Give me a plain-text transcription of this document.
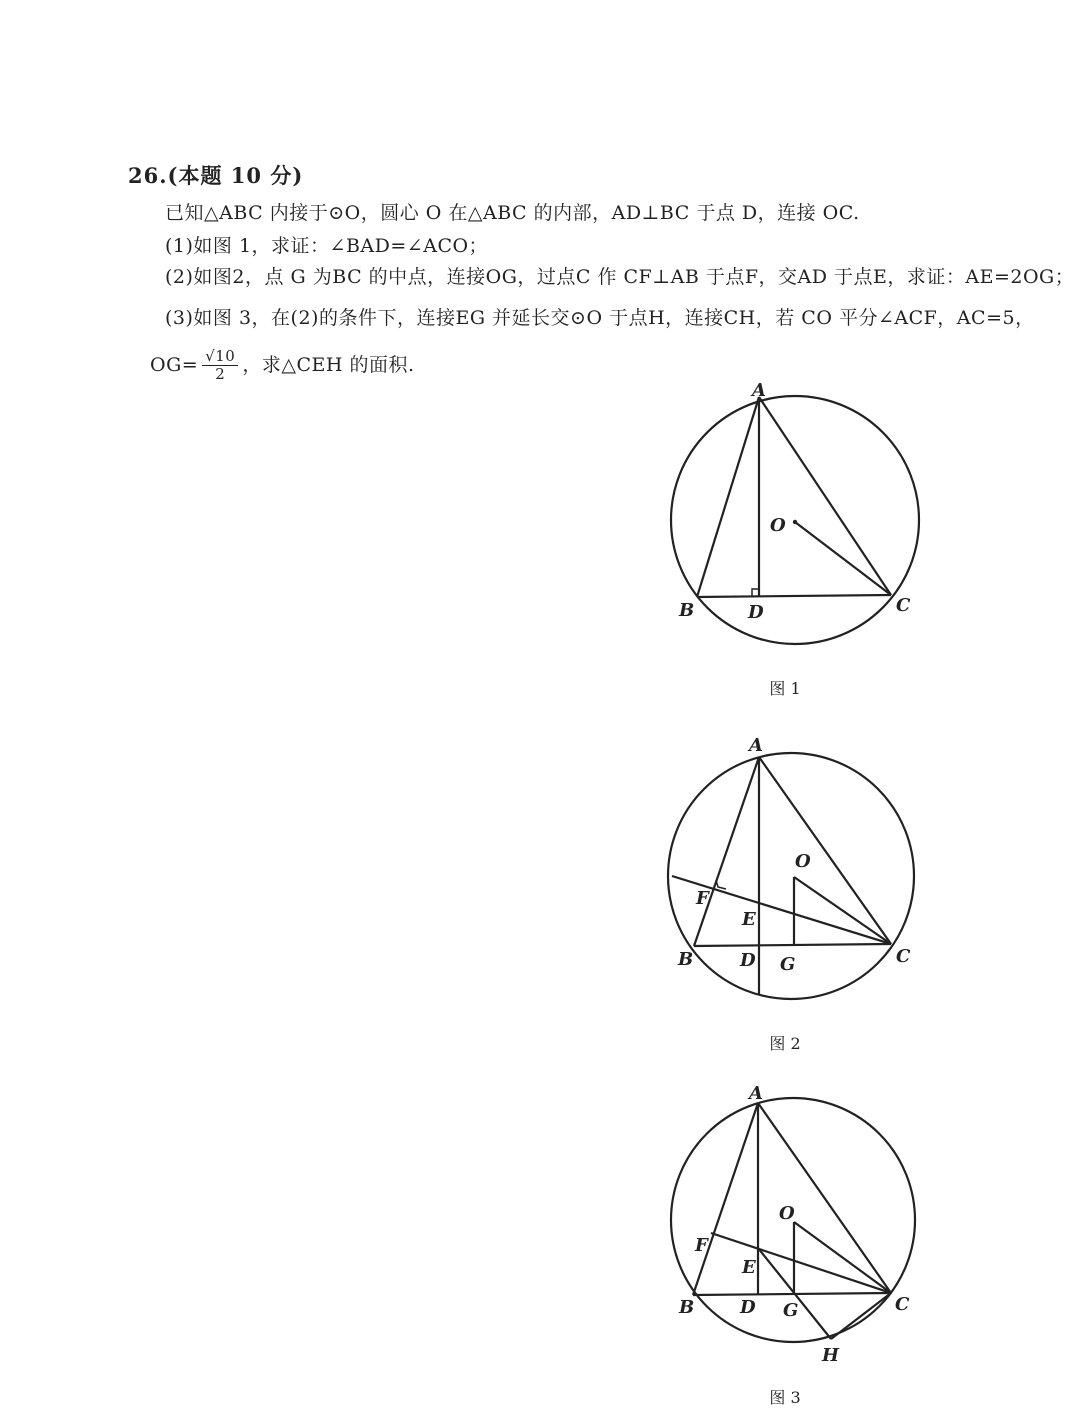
26.(本题 10 分)
已知△ABC 内接于⊙O，圆心 O 在△ABC 的内部，AD⊥BC 于点 D，连接 OC.
(1)如图 1，求证：∠BAD=∠ACO；
(2)如图2，点 G 为BC 的中点，连接OG，过点C 作 CF⊥AB 于点F，交AD 于点E，求证：AE=2OG；
(3)如图 3，在(2)的条件下，连接EG 并延长交⊙O 于点H，连接CH，若 CO 平分∠ACF，AC=5，
$OG= \frac{√10}{2}$ ，求△CEH 的面积.
A
O
B	D	C
图 1
A
O
F
E
B	D G	C
图 2
A
O
F
E
B	D G	C
H
图 3
